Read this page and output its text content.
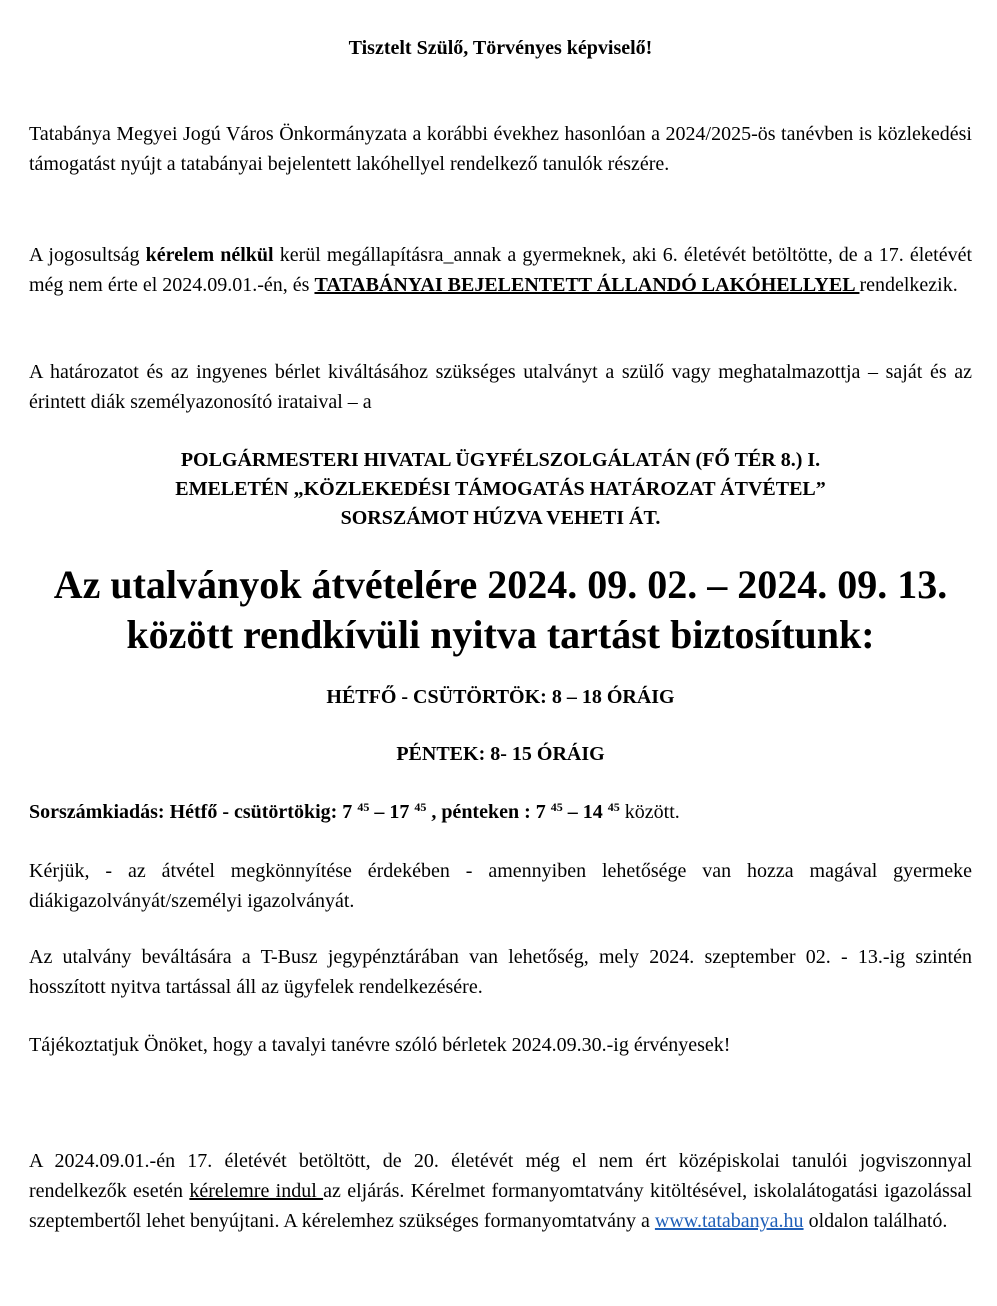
Tisztelt Szülő, Törvényes képviselő!
Tatabánya Megyei Jogú Város Önkormányzata a korábbi évekhez hasonlóan a 2024/2025-ös tanévben is közlekedési támogatást nyújt a tatabányai bejelentett lakóhellyel rendelkező tanulók részére.
A jogosultság kérelem nélkül kerül megállapításra_annak a gyermeknek, aki 6. életévét betöltötte, de a 17. életévét még nem érte el 2024.09.01.-én, és TATABÁNYAI BEJELENTETT ÁLLANDÓ LAKÓHELLYEL rendelkezik.
A határozatot és az ingyenes bérlet kiváltásához szükséges utalványt a szülő vagy meghatalmazottja – saját és az érintett diák személyazonosító irataival – a
POLGÁRMESTERI HIVATAL ÜGYFÉLSZOLGÁLATÁN (FŐ TÉR 8.) I.
EMELETÉN „KÖZLEKEDÉSI TÁMOGATÁS HATÁROZAT ÁTVÉTEL”
SORSZÁMOT HÚZVA VEHETI ÁT.
Az utalványok átvételére 2024. 09. 02. – 2024. 09. 13.
között rendkívüli nyitva tartást biztosítunk:
HÉTFŐ - CSÜTÖRTÖK: 8 – 18 ÓRÁIG
PÉNTEK: 8- 15 ÓRÁIG
Sorszámkiadás: Hétfő - csütörtökig: 7 $^{45}$ – 17 $^{45}$ , pénteken : 7 $^{45}$ – 14 $^{45}$ között.
Kérjük, - az átvétel megkönnyítése érdekében - amennyiben lehetősége van hozza magával gyermeke diákigazolványát/személyi igazolványát.
Az utalvány beváltására a T-Busz jegypénztárában van lehetőség, mely 2024. szeptember 02. - 13.-ig szintén hosszított nyitva tartással áll az ügyfelek rendelkezésére.
Tájékoztatjuk Önöket, hogy a tavalyi tanévre szóló bérletek 2024.09.30.-ig érvényesek!
A 2024.09.01.-én 17. életévét betöltött, de 20. életévét még el nem ért középiskolai tanulói jogviszonnyal rendelkezők esetén kérelemre indul az eljárás. Kérelmet formanyomtatvány kitöltésével, iskolalátogatási igazolással szeptembertől lehet benyújtani. A kérelemhez szükséges formanyomtatvány a www.tatabanya.hu oldalon található.
